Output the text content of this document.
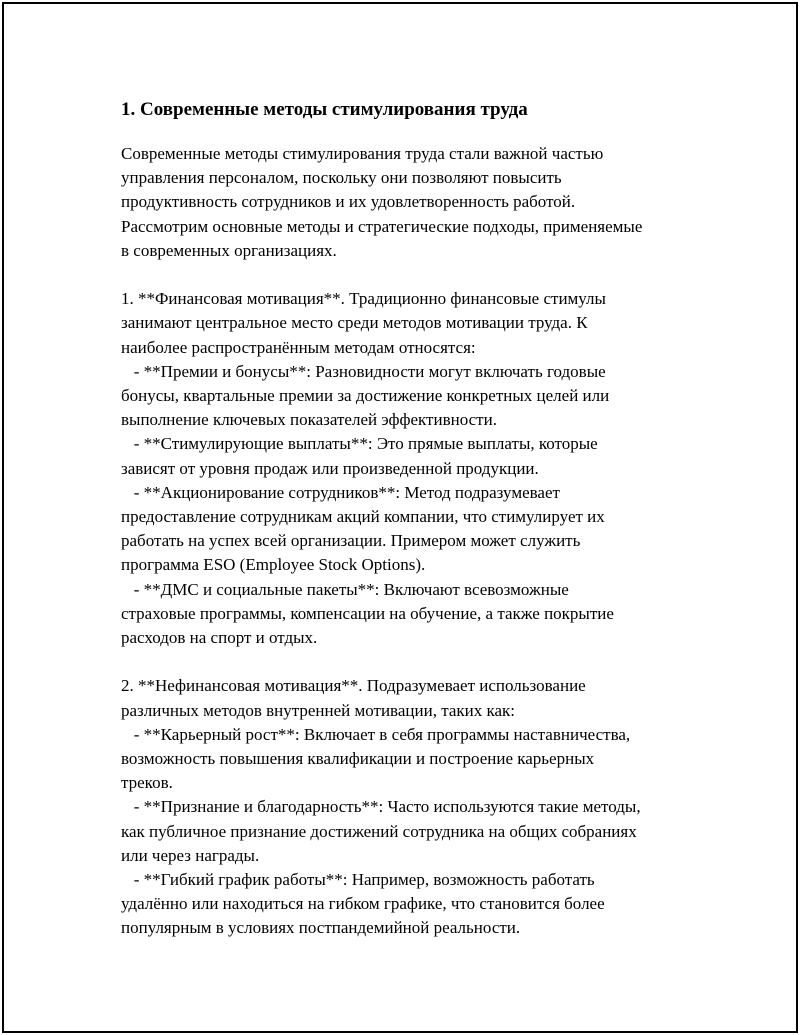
1. Современные методы стимулирования труда

Современные методы стимулирования труда стали важной частью
управления персоналом, поскольку они позволяют повысить
продуктивность сотрудников и их удовлетворенность работой.
Рассмотрим основные методы и стратегические подходы, применяемые
в современных организациях.

1. **Финансовая мотивация**. Традиционно финансовые стимулы
занимают центральное место среди методов мотивации труда. К
наиболее распространённым методам относятся:
- **Премии и бонусы**: Разновидности могут включать годовые
бонусы, квартальные премии за достижение конкретных целей или
выполнение ключевых показателей эффективности.
- **Стимулирующие выплаты**: Это прямые выплаты, которые
зависят от уровня продаж или произведенной продукции.
- **Акционирование сотрудников**: Метод подразумевает
предоставление сотрудникам акций компании, что стимулирует их
работать на успех всей организации. Примером может служить
программа ESO (Employee Stock Options).
- **ДМС и социальные пакеты**: Включают всевозможные
страховые программы, компенсации на обучение, а также покрытие
расходов на спорт и отдых.

2. **Нефинансовая мотивация**. Подразумевает использование
различных методов внутренней мотивации, таких как:
- **Карьерный рост**: Включает в себя программы наставничества,
возможность повышения квалификации и построение карьерных
треков.
- **Признание и благодарность**: Часто используются такие методы,
как публичное признание достижений сотрудника на общих собраниях
или через награды.
- **Гибкий график работы**: Например, возможность работать
удалённо или находиться на гибком графике, что становится более
популярным в условиях постпандемийной реальности.
